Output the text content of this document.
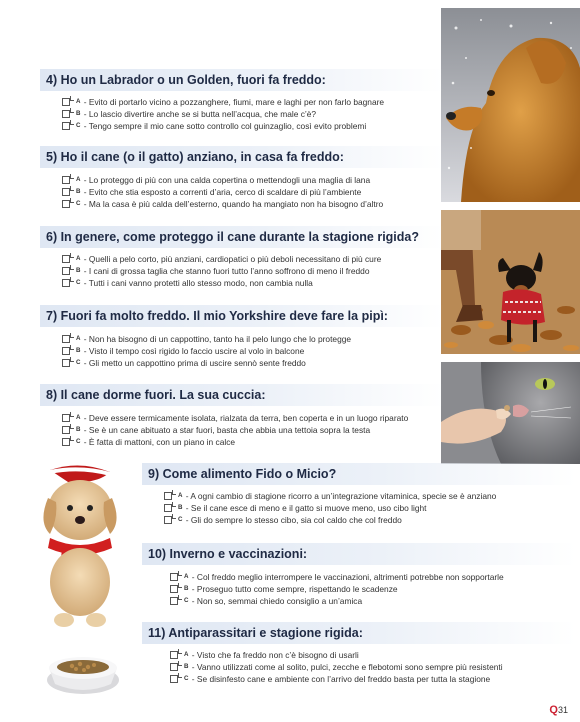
4) Ho un Labrador o un Golden, fuori fa freddo:
A - Evito di portarlo vicino a pozzanghere, fiumi, mare e laghi per non farlo bagnare
B - Lo lascio divertire anche se si butta nell’acqua, che male c’è?
C - Tengo sempre il mio cane sotto controllo col guinzaglio, così evito problemi
5) Ho il cane (o il gatto) anziano, in casa fa freddo:
A - Lo proteggo di più con una calda copertina o mettendogli una maglia di lana
B - Evito che stia esposto a correnti d’aria, cerco di scaldare di più l’ambiente
C - Ma la casa è più calda dell’esterno, quando ha mangiato non ha bisogno d’altro
6) In genere, come proteggo il cane durante la stagione rigida?
A - Quelli a pelo corto, più anziani, cardiopatici o più deboli necessitano di più cure
B - I cani di grossa taglia che stanno fuori tutto l’anno soffrono di meno il freddo
C - Tutti i cani vanno protetti allo stesso modo, non cambia nulla
7) Fuori fa molto freddo. Il mio Yorkshire deve fare la pipì:
A - Non ha bisogno di un cappottino, tanto ha il pelo lungo che lo protegge
B - Visto il tempo così rigido lo faccio uscire al volo in balcone
C - Gli metto un cappottino prima di uscire sennò sente freddo
8) Il cane dorme fuori. La sua cuccia:
A - Deve essere termicamente isolata, rialzata da terra, ben coperta e in un luogo riparato
B - Se è un cane abituato a star fuori, basta che abbia una tettoia sopra la testa
C - È fatta di mattoni, con un piano in calce
9) Come alimento Fido o Micio?
A - A ogni cambio di stagione ricorro a un’integrazione vitaminica, specie se è anziano
B - Se il cane esce di meno e il gatto si muove meno, uso cibo light
C - Gli do sempre lo stesso cibo, sia col caldo che col freddo
10) Inverno e vaccinazioni:
A - Col freddo meglio interrompere le vaccinazioni, altrimenti potrebbe non sopportarle
B - Proseguo tutto come sempre, rispettando le scadenze
C - Non so, semmai chiedo consiglio a un’amica
11) Antiparassitari e stagione rigida:
A - Visto che fa freddo non c’è bisogno di usarli
B - Vanno utilizzati come al solito, pulci, zecche e flebotomi sono sempre più resistenti
C - Se disinfesto cane e ambiente con l’arrivo del freddo basta per tutta la stagione
Q31
